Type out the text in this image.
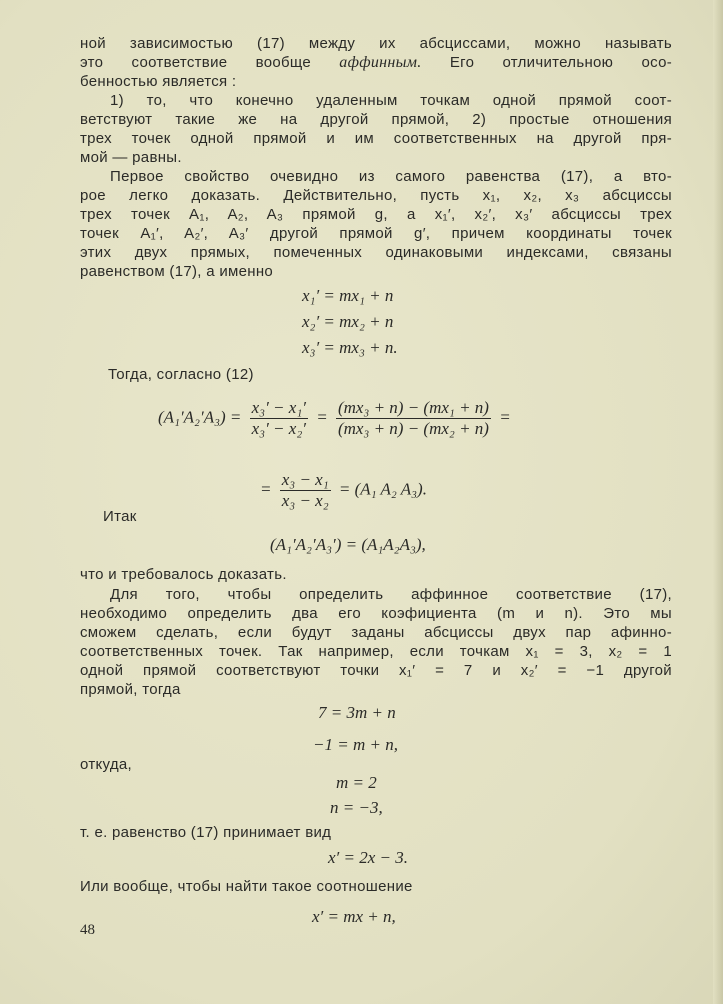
ной зависимостью (17) между их абсциссами, можно называть
это соответствие вообще аффинным. Его отличительною осо-
бенностью является :
1) то, что конечно удаленным точкам одной прямой соот-
ветствуют такие же на другой прямой, 2) простые отношения
трех точек одной прямой и им соответственных на другой пря-
мой — равны.
Первое свойство очевидно из самого равенства (17), а вто-
рое легко доказать. Действительно, пусть x₁, x₂, x₃ абсциссы
трех точек A₁, A₂, A₃ прямой g, а x₁′, x₂′, x₃′ абсциссы трех
точек A₁′, A₂′, A₃′ другой прямой g′, причем координаты точек
этих двух прямых, помеченных одинаковыми индексами, связаны
равенством (17), а именно
x₁′ = mx₁ + n
x₂′ = mx₂ + n
x₃′ = mx₃ + n.
Тогда, согласно (12)
$(A_1'A_2'A_3) = \frac{\text{x₃′ − x₁′}}{\text{x₃′ − x₂′}} = \frac{\text{(mx₃ + n) − (mx₁ + n)}}{\text{(mx₃ + n) − (mx₂ + n)}}$ =
= $\frac{\text{x₃ − x₁}}{\text{x₃ − x₂}} = (A_1$ A₂ A₃).
Итак
(A₁′A₂′A₃′) = (A₁A₂A₃),
что и требовалось доказать.
Для того, чтобы определить аффинное соответствие (17),
необходимо определить два его коэфициента (m и n). Это мы
сможем сделать, если будут заданы абсциссы двух пар афинно-
соответственных точек. Так например, если точкам x₁ = 3, x₂ = 1
одной прямой соответствуют точки x₁′ = 7 и x₂′ = −1 другой
прямой, тогда
7 = 3m + n
−1 = m + n,
откуда,
m = 2
n = −3,
т. е. равенство (17) принимает вид
x′ = 2x − 3.
Или вообще, чтобы найти такое соотношение
x′ = mx + n,
48
